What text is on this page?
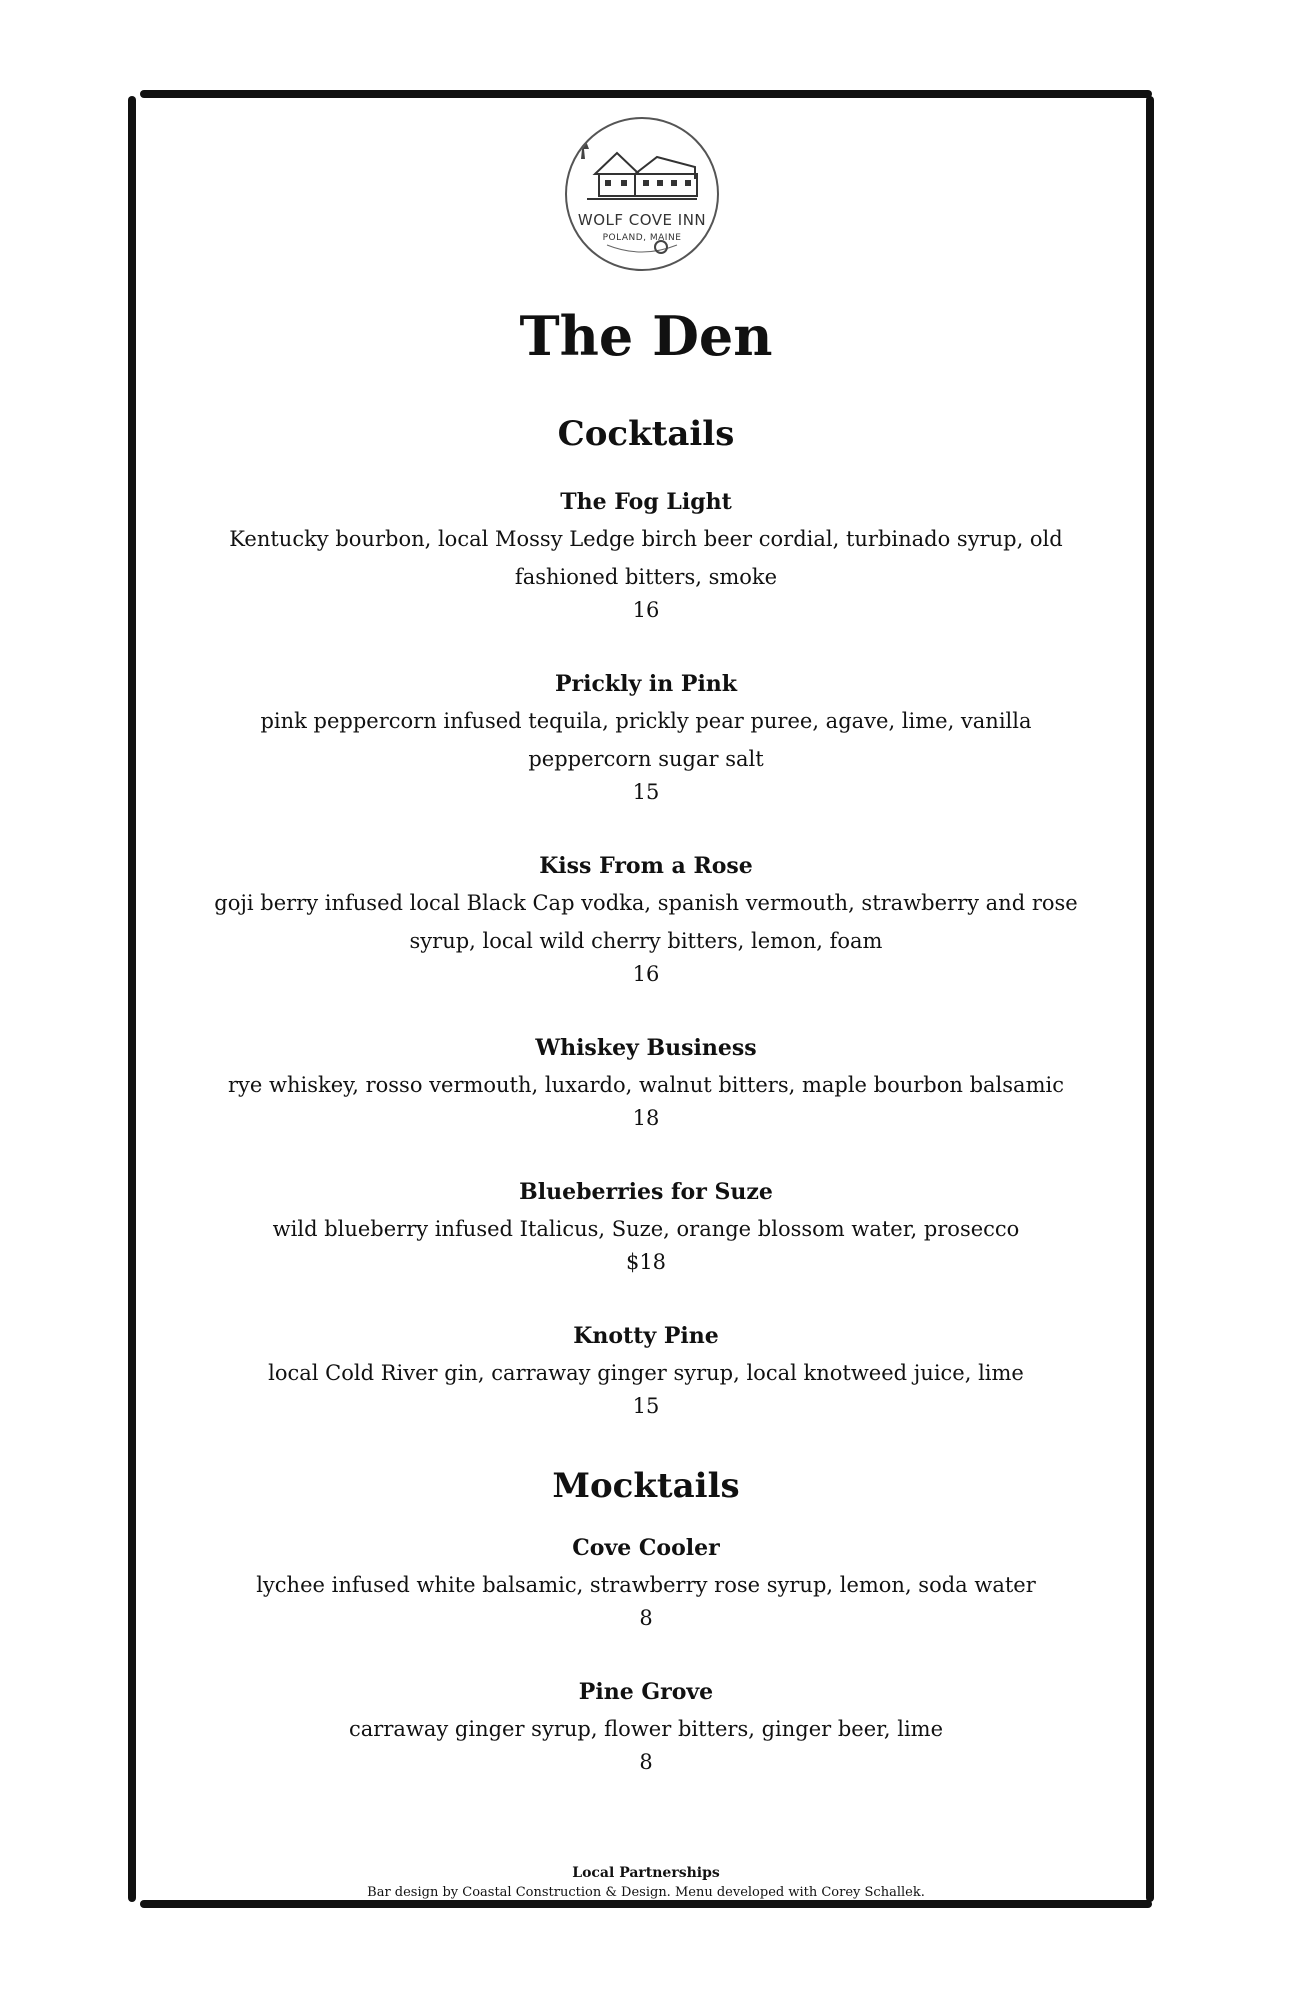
WOLF COVE INN
POLAND, MAINE
The Den
Cocktails
The Fog Light
Kentucky bourbon, local Mossy Ledge birch beer cordial, turbinado syrup, old fashioned bitters, smoke
16
Prickly in Pink
pink peppercorn infused tequila, prickly pear puree, agave, lime, vanilla peppercorn sugar salt
15
Kiss From a Rose
goji berry infused local Black Cap vodka, spanish vermouth, strawberry and rose syrup, local wild cherry bitters, lemon, foam
16
Whiskey Business
rye whiskey, rosso vermouth, luxardo, walnut bitters, maple bourbon balsamic
18
Blueberries for Suze
wild blueberry infused Italicus, Suze, orange blossom water, prosecco
$18
Knotty Pine
local Cold River gin, carraway ginger syrup, local knotweed juice, lime
15
Mocktails
Cove Cooler
lychee infused white balsamic, strawberry rose syrup, lemon, soda water
8
Pine Grove
carraway ginger syrup, flower bitters, ginger beer, lime
8
Local Partnerships
Bar design by Coastal Construction & Design. Menu developed with Corey Schallek.
